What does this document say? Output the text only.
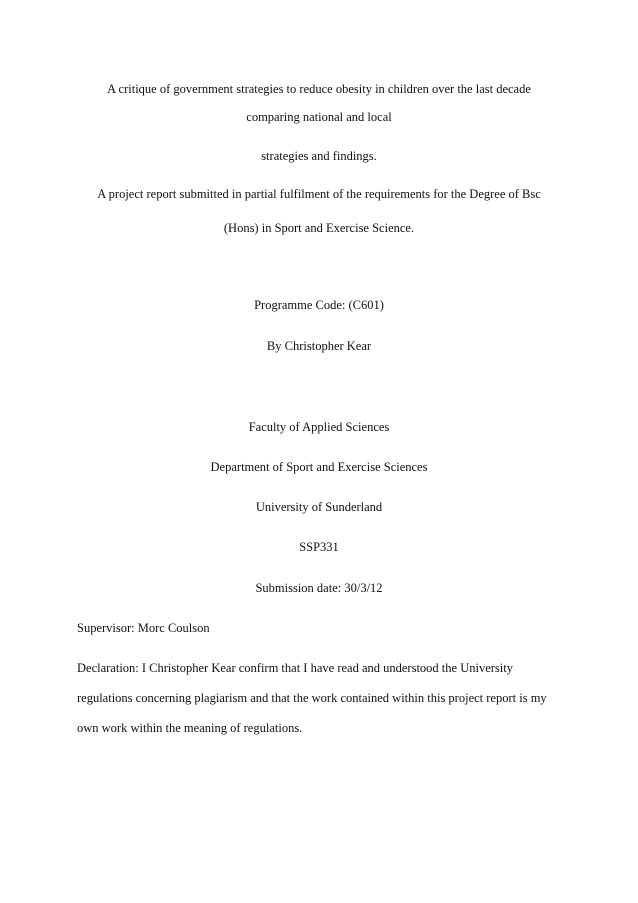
A critique of government strategies to reduce obesity in children over the last decade
comparing national and local
strategies and findings.
A project report submitted in partial fulfilment of the requirements for the Degree of Bsc
(Hons) in Sport and Exercise Science.
Programme Code: (C601)
By Christopher Kear
Faculty of Applied Sciences
Department of Sport and Exercise Sciences
University of Sunderland
SSP331
Submission date: 30/3/12
Supervisor: Morc Coulson
Declaration: I Christopher Kear confirm that I have read and understood the University
regulations concerning plagiarism and that the work contained within this project report is my
own work within the meaning of regulations.
